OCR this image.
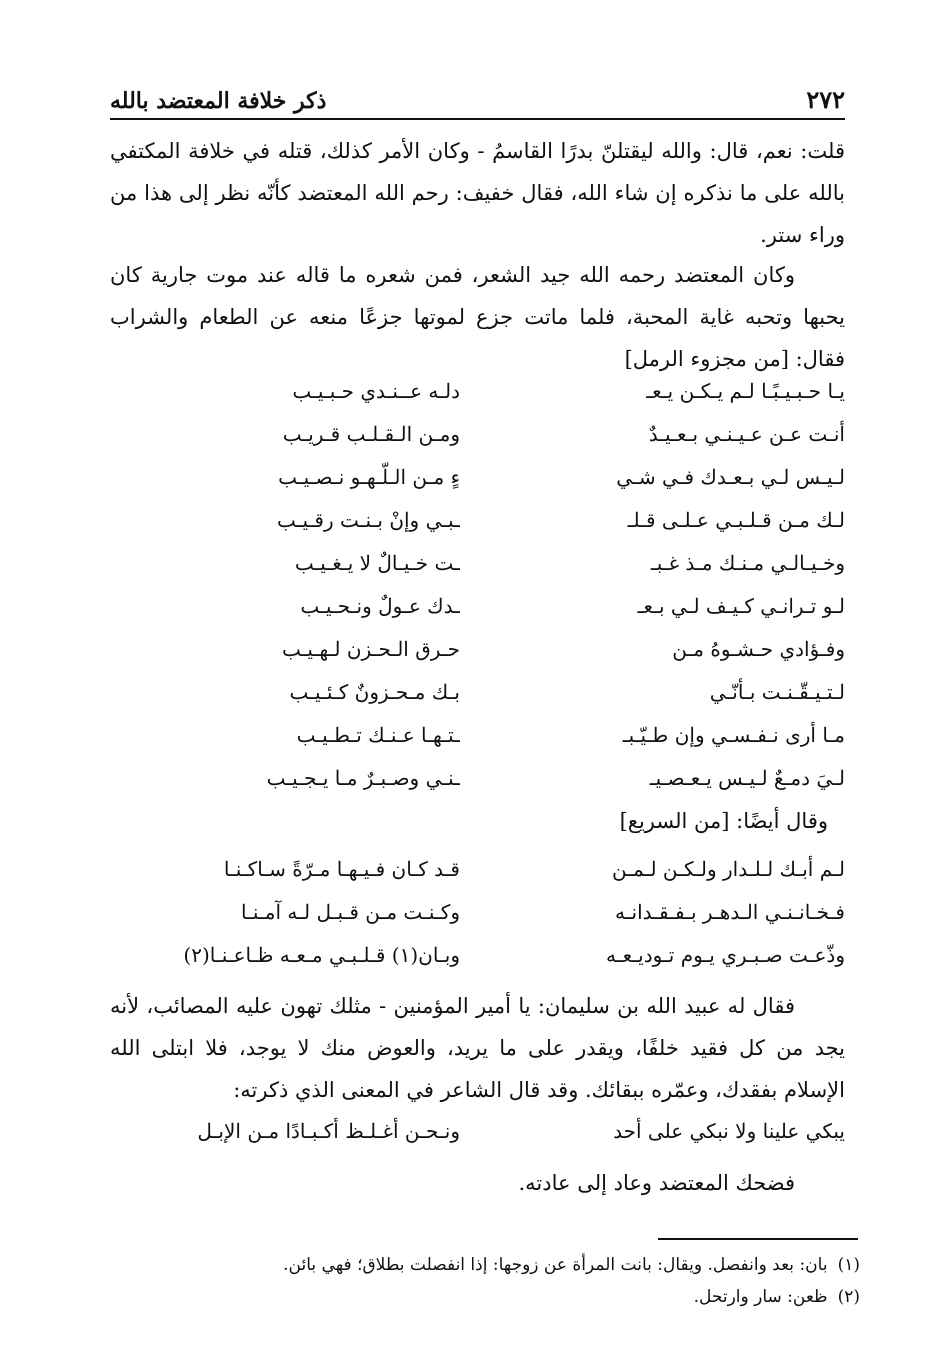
٢٧٢
ذكر خلافة المعتضد بالله

قلت: نعم، قال: والله ليقتلنّ بدرًا القاسمُ - وكان الأمر كذلك، قتله في خلافة المكتفي بالله على ما نذكره إن شاء الله، فقال خفيف: رحم الله المعتضد كأنّه نظر إلى هذا من وراء ستر.

وكان المعتضد رحمه الله جيد الشعر، فمن شعره ما قاله عند موت جارية كان يحبها وتحبه غاية المحبة، فلما ماتت جزع لموتها جزعًا منعه عن الطعام والشراب فقال: [من مجزوء الرمل]

يـا حـبـيـبًـا لـم يـكـن يـعـ
دلـه عــنـدي حـبـيـب
أنـت عـن عـيـنـي بـعـيـدٌ
ومـن الـقـلـب قـريـب
لـيـس لـي بـعـدك فـي شـي
ءٍ مـن الـلّـهـو نـصـيـب
لـك مـن قـلـبـي عـلـى قـلـ
ـبـي وإنْ بـنـت رقـيـب
وخـيـالـي مـنـك مـذ غـبـ
ـت خـيـالٌ لا يـغـيـب
لـو تـرانـي كـيـف لـي بـعـ
ـدك عـولٌ ونـحـيـب
وفـؤادي حـشـوهُ مـن
حـرق الـحـزن لـهـيـب
لـتـيـقّـنـت بـأنّـي
بـك مـحـزونٌ كـئـيـب
مـا أرى نـفـسـي وإن طـيّـبـ
ـتـهـا عـنـك تـطـيـب
لـيَ دمـعٌ لـيـس يـعـصـيـ
ـنـي وصـبـرٌ مـا يـجـيـب
وقال أيضًا: [من السريع]
لـم أبـك لـلـدار ولـكـن لـمـن
قـد كـان فـيـهـا مـرّةً سـاكـنـا
فـخـانـنـي الـدهـر بـفـقـدانـه
وكـنـت مـن قـبـل لـه آمـنـا
وذّعـت صـبـري يـوم تـوديـعـه
وبـان(١) قـلـبـي مـعـه ظـاعـنـا(٢)

فقال له عبيد الله بن سليمان: يا أمير المؤمنين - مثلك تهون عليه المصائب، لأنه يجد من كل فقيد خلفًا، ويقدر على ما يريد، والعوض منك لا يوجد، فلا ابتلى الله الإسلام بفقدك، وعمّره ببقائك. وقد قال الشاعر في المعنى الذي ذكرته:

يبكي علينا ولا نبكي على أحد
ونـحـن أغـلـظ أكـبـادًا مـن الإبـل

فضحك المعتضد وعاد إلى عادته.

(١)بان: بعد وانفصل. ويقال: بانت المرأة عن زوجها: إذا انفصلت بطلاق؛ فهي بائن.
(٢)ظعن: سار وارتحل.
